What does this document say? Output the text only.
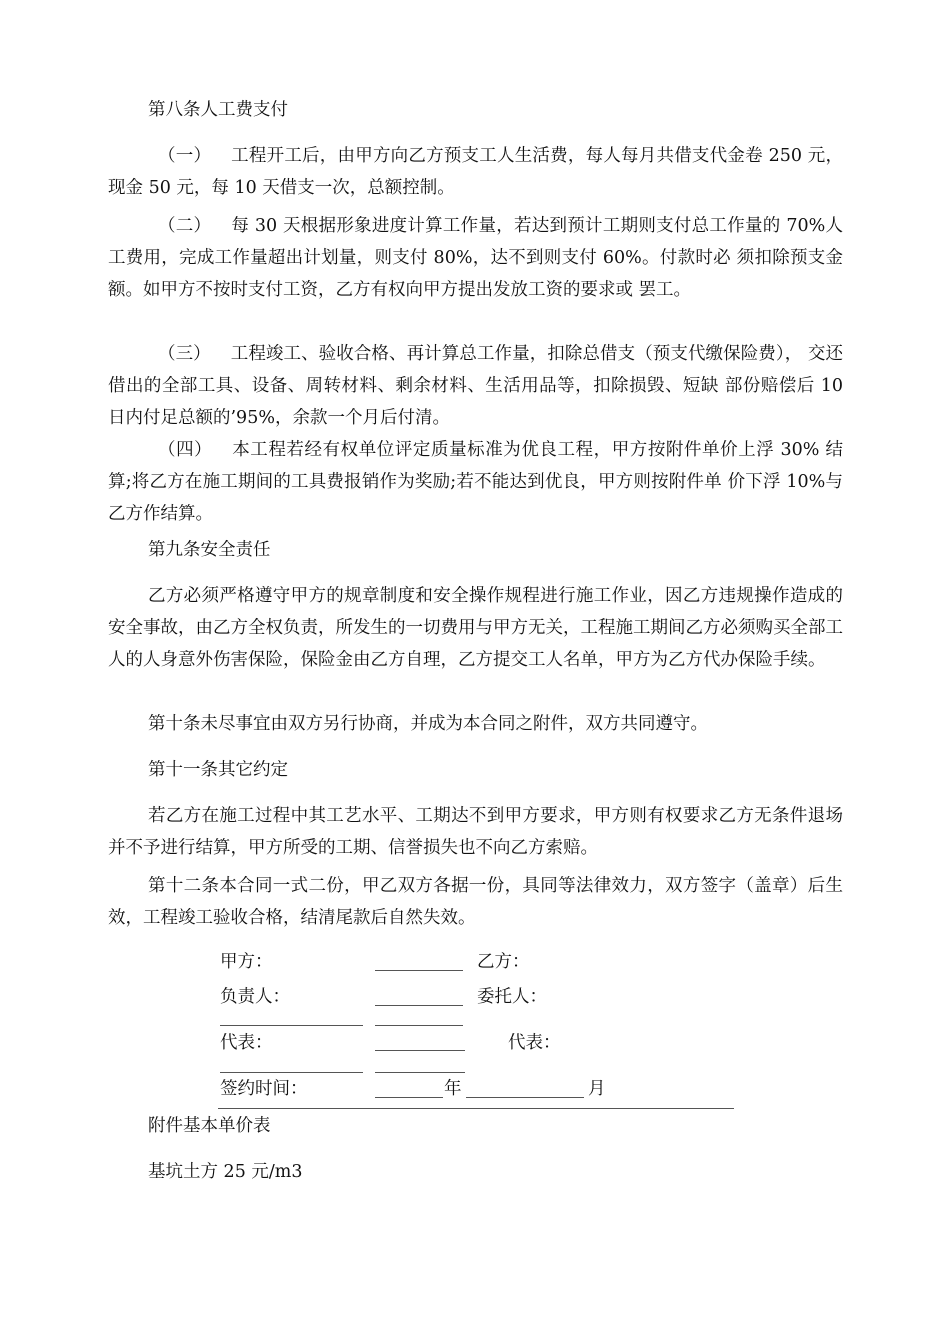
第八条人工费支付

（一） 工程开工后，由甲方向乙方预支工人生活费，每人每月共借支代金卷 250 元，现金 50 元，每 10 天借支一次，总额控制。

（二） 每 30 天根据形象进度计算工作量，若达到预计工期则支付总工作量的 70%人工费用，完成工作量超出计划量，则支付 80%，达不到则支付 60%。付款时必 须扣除预支金额。如甲方不按时支付工资，乙方有权向甲方提出发放工资的要求或 罢工。

（三） 工程竣工、验收合格、再计算总工作量，扣除总借支（预支代缴保险费）， 交还借出的全部工具、设备、周转材料、剩余材料、生活用品等，扣除损毁、短缺 部份赔偿后 10 日内付足总额的’95%，余款一个月后付清。

（四） 本工程若经有权单位评定质量标准为优良工程，甲方按附件单价上浮 30% 结算;将乙方在施工期间的工具费报销作为奖励;若不能达到优良，甲方则按附件单 价下浮 10%与乙方作结算。

第九条安全责任

乙方必须严格遵守甲方的规章制度和安全操作规程进行施工作业，因乙方违规操作造成的安全事故，由乙方全权负责，所发生的一切费用与甲方无关，工程施工期间乙方必须购买全部工人的人身意外伤害保险，保险金由乙方自理，乙方提交工人名单，甲方为乙方代办保险手续。

第十条未尽事宜由双方另行协商，并成为本合同之附件，双方共同遵守。

第十一条其它约定

若乙方在施工过程中其工艺水平、工期达不到甲方要求，甲方则有权要求乙方无条件退场并不予进行结算，甲方所受的工期、信誉损失也不向乙方索赔。

第十二条本合同一式二份，甲乙双方各据一份，具同等法律效力，双方签字（盖章）后生效，工程竣工验收合格，结清尾款后自然失效。

甲方：	乙方：
负责人：	委托人：
代表：	代表：
签约时间：	年	月

附件基本单价表

基坑土方 25 元/m3
